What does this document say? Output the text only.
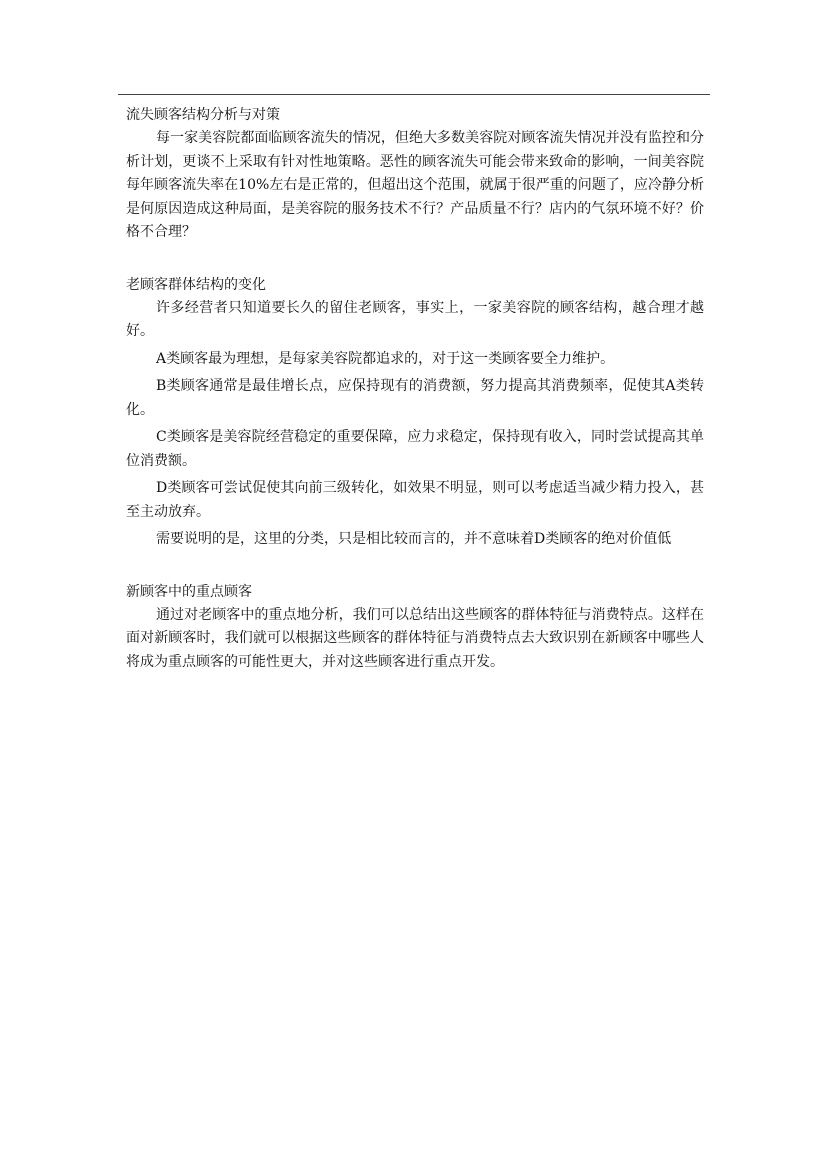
流失顾客结构分析与对策

每一家美容院都面临顾客流失的情况，但绝大多数美容院对顾客流失情况并没有监控和分析计划，更谈不上采取有针对性地策略。恶性的顾客流失可能会带来致命的影响，一间美容院每年顾客流失率在10%左右是正常的，但超出这个范围，就属于很严重的问题了，应冷静分析是何原因造成这种局面，是美容院的服务技术不行？产品质量不行？店内的气氛环境不好？价格不合理？

老顾客群体结构的变化

许多经营者只知道要长久的留住老顾客，事实上，一家美容院的顾客结构，越合理才越好。

A类顾客最为理想，是每家美容院都追求的，对于这一类顾客要全力维护。

B类顾客通常是最佳增长点，应保持现有的消费额，努力提高其消费频率，促使其A类转化。

C类顾客是美容院经营稳定的重要保障，应力求稳定，保持现有收入，同时尝试提高其单位消费额。

D类顾客可尝试促使其向前三级转化，如效果不明显，则可以考虑适当减少精力投入，甚至主动放弃。

需要说明的是，这里的分类，只是相比较而言的，并不意味着D类顾客的绝对价值低

新顾客中的重点顾客

通过对老顾客中的重点地分析，我们可以总结出这些顾客的群体特征与消费特点。这样在面对新顾客时，我们就可以根据这些顾客的群体特征与消费特点去大致识别在新顾客中哪些人将成为重点顾客的可能性更大，并对这些顾客进行重点开发。
